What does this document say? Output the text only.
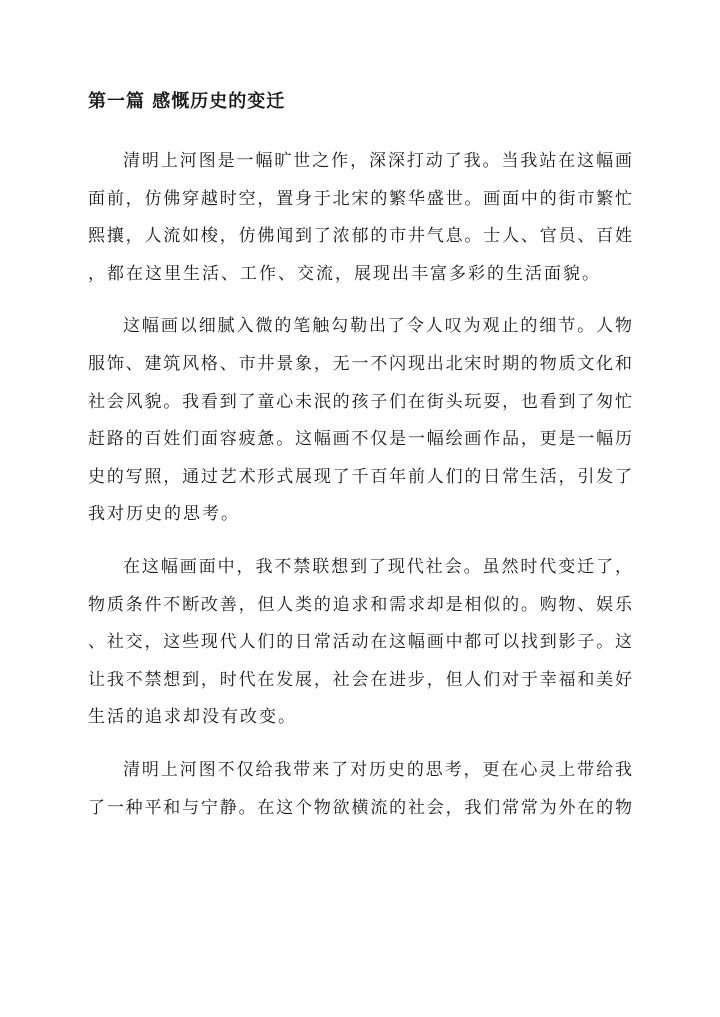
第一篇 感慨历史的变迁
清明上河图是一幅旷世之作，深深打动了我。当我站在这幅画
面前，仿佛穿越时空，置身于北宋的繁华盛世。画面中的街市繁忙
熙攘，人流如梭，仿佛闻到了浓郁的市井气息。士人、官员、百姓
，都在这里生活、工作、交流，展现出丰富多彩的生活面貌。
这幅画以细腻入微的笔触勾勒出了令人叹为观止的细节。人物
服饰、建筑风格、市井景象，无一不闪现出北宋时期的物质文化和
社会风貌。我看到了童心未泯的孩子们在街头玩耍，也看到了匆忙
赶路的百姓们面容疲惫。这幅画不仅是一幅绘画作品，更是一幅历
史的写照，通过艺术形式展现了千百年前人们的日常生活，引发了
我对历史的思考。
在这幅画面中，我不禁联想到了现代社会。虽然时代变迁了，
物质条件不断改善，但人类的追求和需求却是相似的。购物、娱乐
、社交，这些现代人们的日常活动在这幅画中都可以找到影子。这
让我不禁想到，时代在发展，社会在进步，但人们对于幸福和美好
生活的追求却没有改变。
清明上河图不仅给我带来了对历史的思考，更在心灵上带给我
了一种平和与宁静。在这个物欲横流的社会，我们常常为外在的物
